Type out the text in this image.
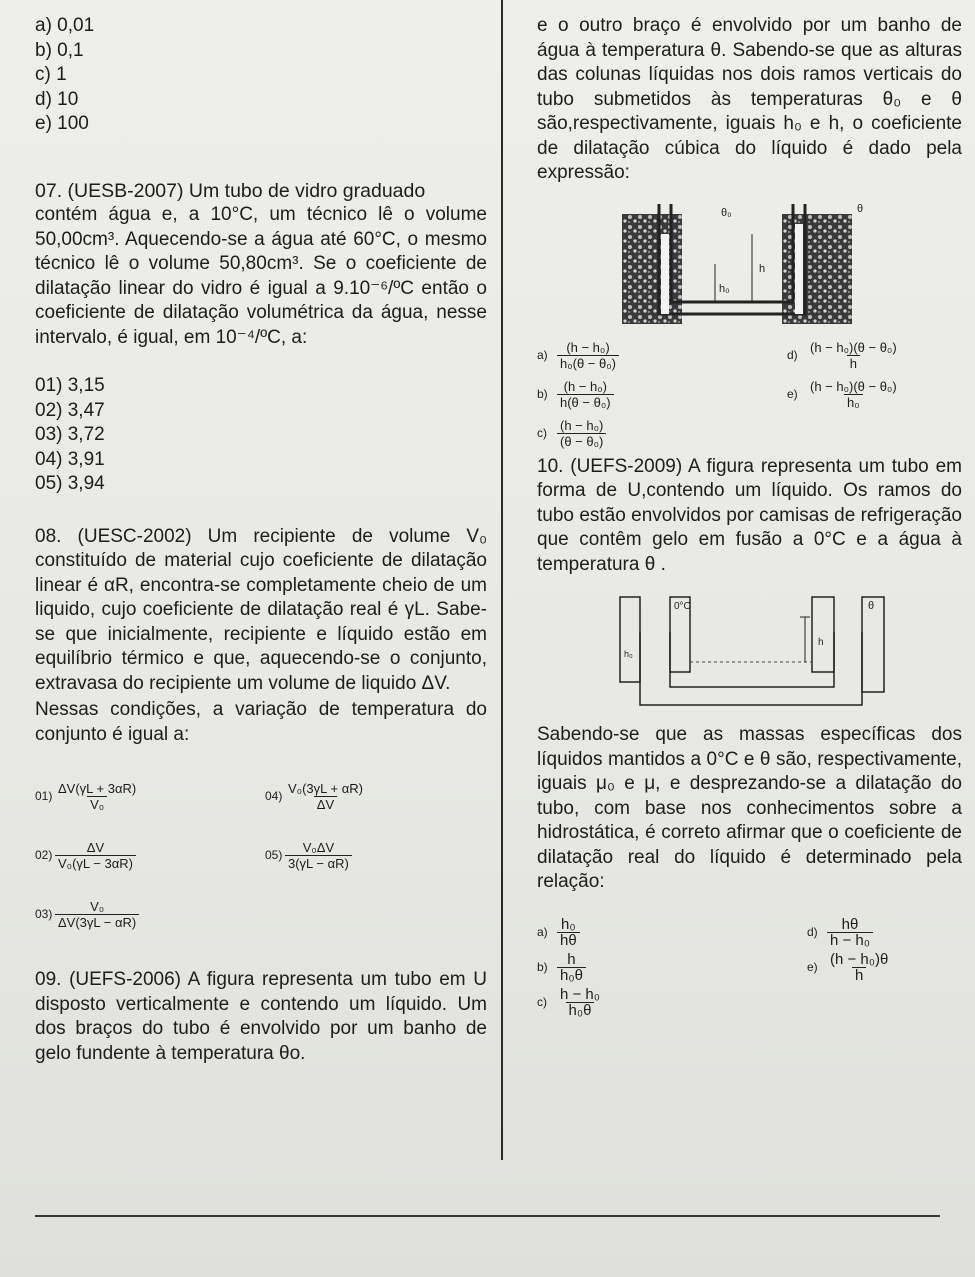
a) 0,01
b) 0,1
c) 1
d) 10
e) 100
07. (UESB-2007) Um tubo de vidro graduado

contém água e, a 10°C, um técnico lê o volume 50,00cm³. Aquecendo-se a água até 60°C, o mesmo técnico lê o volume 50,80cm³. Se o coeficiente de dilatação linear do vidro é igual a 9.10⁻⁶/ºC então o coeficiente de dilatação volumétrica da água, nesse intervalo, é igual, em 10⁻⁴/ºC, a:

01) 3,15
02) 3,47
03) 3,72
04) 3,91
05) 3,94

08. (UESC-2002) Um recipiente de volume V₀ constituído de material cujo coeficiente de dilatação linear é αR, encontra-se completamente cheio de um liquido, cujo coeficiente de dilatação real é γL. Sabe-se que inicialmente, recipiente e líquido estão em equilíbrio térmico e que, aquecendo-se o conjunto, extravasa do recipiente um volume de liquido ΔV.

Nessas condições, a variação de temperatura do conjunto é igual a:

$01) \frac{\Delta V(\gamma L + 3\alpha R)}{\text{V₀}}$	$04) \frac{\text{V₀(3γL + αR)}}{\Delta V}$
$02) \frac{\Delta V}{\text{V₀(γL − 3αR)}}$	$05) \frac{\text{V₀ΔV}}{3(\gamma L - \alpha R)}$
$03) \frac{\text{V₀}}{\Delta V(3\gamma L - \alpha R)}$

09. (UEFS-2006) A figura representa um tubo em U disposto verticalmente e contendo um líquido. Um dos braços do tubo é envolvido por um banho de gelo fundente à temperatura θo.

e o outro braço é envolvido por um banho de água à temperatura θ. Sabendo-se que as alturas das colunas líquidas nos dois ramos verticais do tubo submetidos às temperaturas θ₀ e θ são,respectivamente, iguais h₀ e h, o coeficiente de dilatação cúbica do líquido é dado pela expressão:

θ₀	θ
h
h₀
$a) \frac{\text{(h − h₀)}}{\text{h₀(θ − θ₀)}}$	$d) \frac{\text{(h − h₀)(θ − θ₀)}}{h}$
$b) \frac{\text{(h − h₀)}}{\text{h(θ − θ₀)}}$	$e) \frac{\text{(h − h₀)(θ − θ₀)}}{\text{h₀}}$
$c) \frac{\text{(h − h₀)}}{\text{(θ − θ₀)}}$

10. (UEFS-2009) A figura representa um tubo em forma de U,contendo um líquido. Os ramos do tubo estão envolvidos por camisas de refrigeração que contêm gelo em fusão a 0°C e a água à temperatura θ .

0°C	θ
h
h₀

Sabendo-se que as massas específicas dos líquidos mantidos a 0°C e θ são, respectivamente, iguais μ₀ e μ, e desprezando-se a dilatação do tubo, com base nos conhecimentos sobre a hidrostática, é correto afirmar que o coeficiente de dilatação real do líquido é determinado pela relação:

$a) \frac{\text{h₀}}{h\theta}$	$d) \frac{h\theta}{\text{h − h₀}}$
$b) \frac{h}{\text{h₀θ}}$	$e) \frac{\text{(h − h₀)θ}}{h}$
$c) \frac{\text{h − h₀}}{\text{h₀θ}}$
